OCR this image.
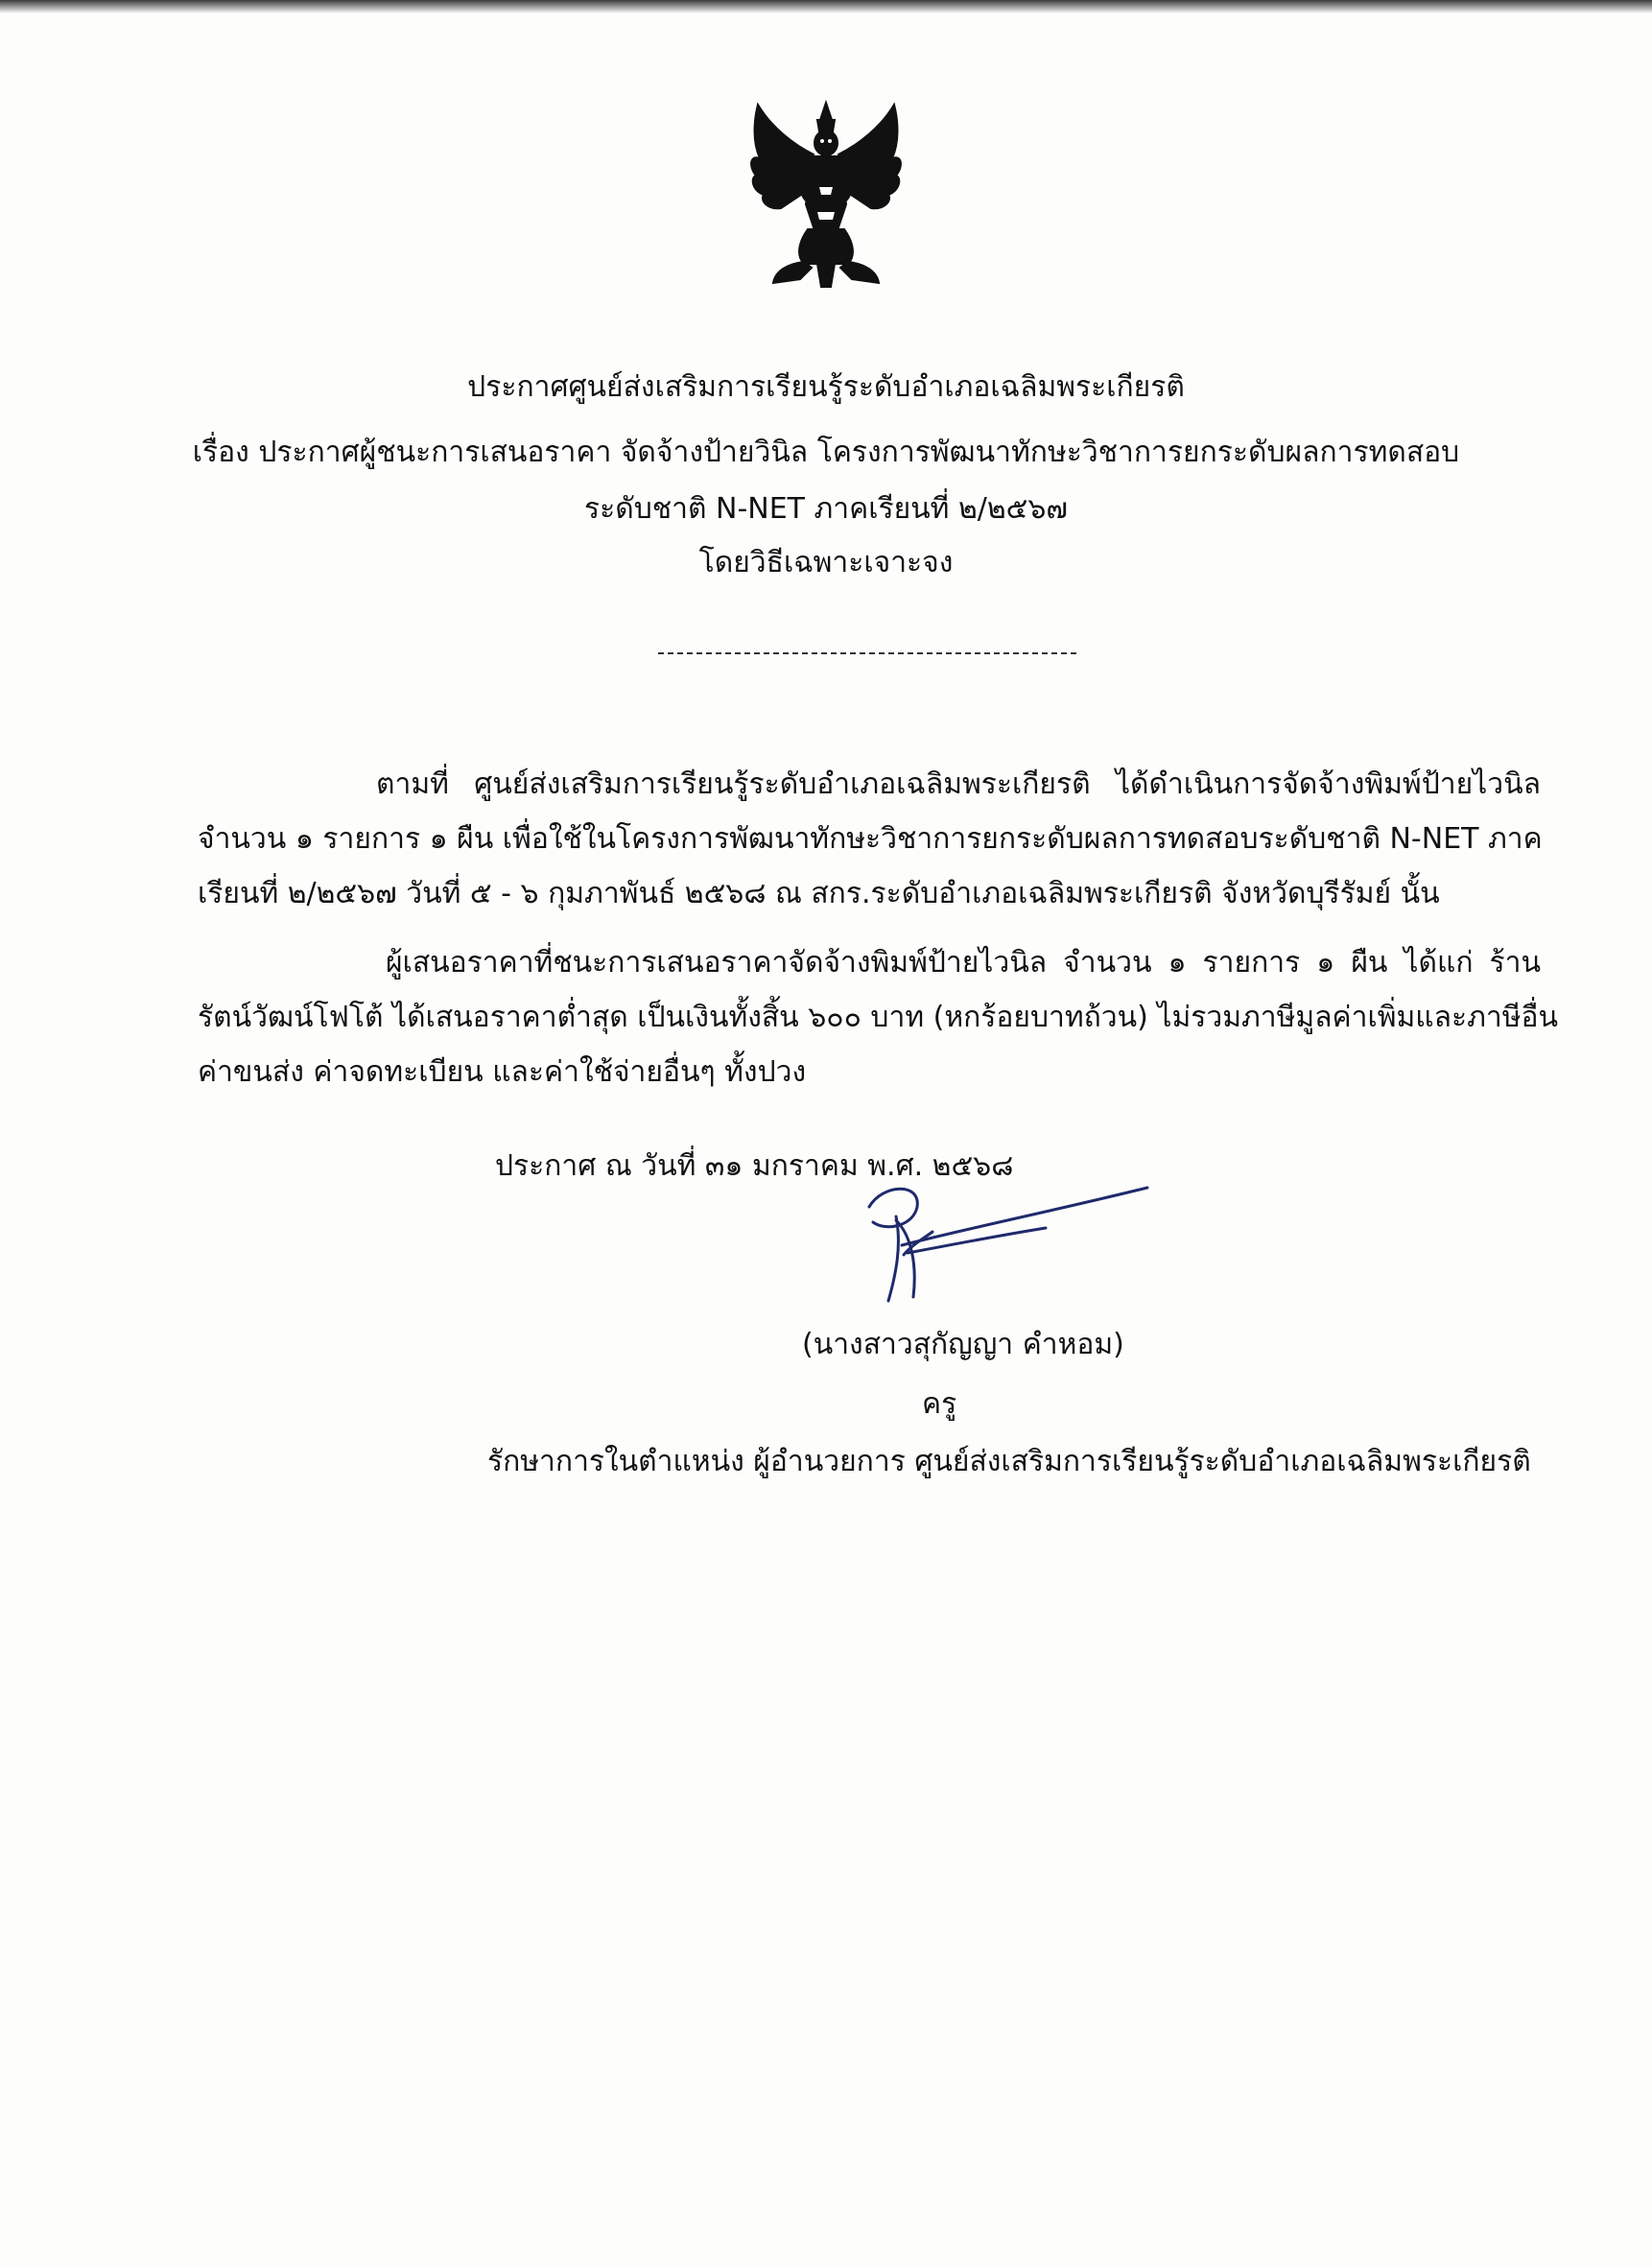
ประกาศศูนย์ส่งเสริมการเรียนรู้ระดับอำเภอเฉลิมพระเกียรติ
เรื่อง ประกาศผู้ชนะการเสนอราคา จัดจ้างป้ายวินิล โครงการพัฒนาทักษะวิชาการยกระดับผลการทดสอบ
ระดับชาติ N-NET ภาคเรียนที่ ๒/๒๕๖๗
โดยวิธีเฉพาะเจาะจง
ตามที่ ศูนย์ส่งเสริมการเรียนรู้ระดับอำเภอเฉลิมพระเกียรติ ได้ดำเนินการจัดจ้างพิมพ์ป้ายไวนิล
จำนวน ๑ รายการ ๑ ผืน เพื่อใช้ในโครงการพัฒนาทักษะวิชาการยกระดับผลการทดสอบระดับชาติ N-NET ภาค
เรียนที่ ๒/๒๕๖๗ วันที่ ๕ - ๖ กุมภาพันธ์ ๒๕๖๘ ณ สกร.ระดับอำเภอเฉลิมพระเกียรติ จังหวัดบุรีรัมย์ นั้น
ผู้เสนอราคาที่ชนะการเสนอราคาจัดจ้างพิมพ์ป้ายไวนิล จำนวน ๑ รายการ ๑ ผืน ได้แก่ ร้าน
รัตน์วัฒน์โฟโต้ ได้เสนอราคาต่ำสุด เป็นเงินทั้งสิ้น ๖๐๐ บาท (หกร้อยบาทถ้วน) ไม่รวมภาษีมูลค่าเพิ่มและภาษีอื่น
ค่าขนส่ง ค่าจดทะเบียน และค่าใช้จ่ายอื่นๆ ทั้งปวง
ประกาศ ณ วันที่ ๓๑ มกราคม พ.ศ. ๒๕๖๘
(นางสาวสุกัญญา คำหอม)
ครู
รักษาการในตำแหน่ง ผู้อำนวยการ ศูนย์ส่งเสริมการเรียนรู้ระดับอำเภอเฉลิมพระเกียรติ
